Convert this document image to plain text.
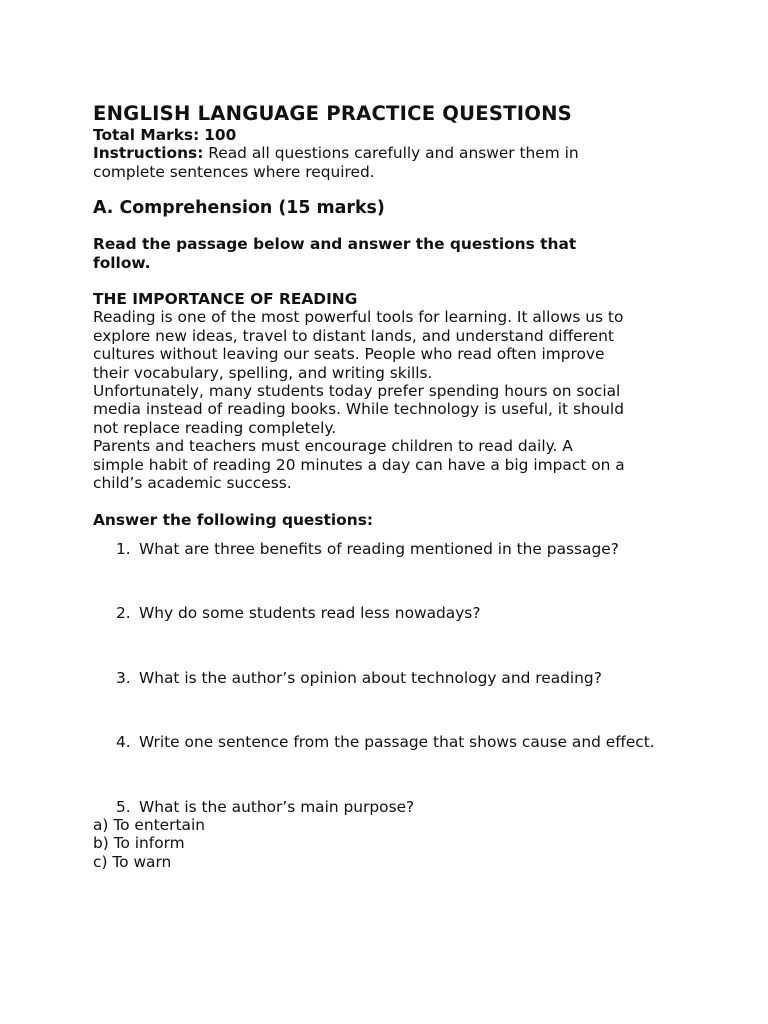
ENGLISH LANGUAGE PRACTICE QUESTIONS

Total Marks: 100

Instructions: Read all questions carefully and answer them in
complete sentences where required.

A. Comprehension (15 marks)

Read the passage below and answer the questions that
follow.

THE IMPORTANCE OF READING

Reading is one of the most powerful tools for learning. It allows us to
explore new ideas, travel to distant lands, and understand different
cultures without leaving our seats. People who read often improve
their vocabulary, spelling, and writing skills.

Unfortunately, many students today prefer spending hours on social
media instead of reading books. While technology is useful, it should
not replace reading completely.

Parents and teachers must encourage children to read daily. A
simple habit of reading 20 minutes a day can have a big impact on a
child’s academic success.

Answer the following questions:

1. What are three benefits of reading mentioned in the passage?
2. Why do some students read less nowadays?
3. What is the author’s opinion about technology and reading?
4. Write one sentence from the passage that shows cause and effect.
5. What is the author’s main purpose?
a) To entertain
b) To inform
c) To warn
